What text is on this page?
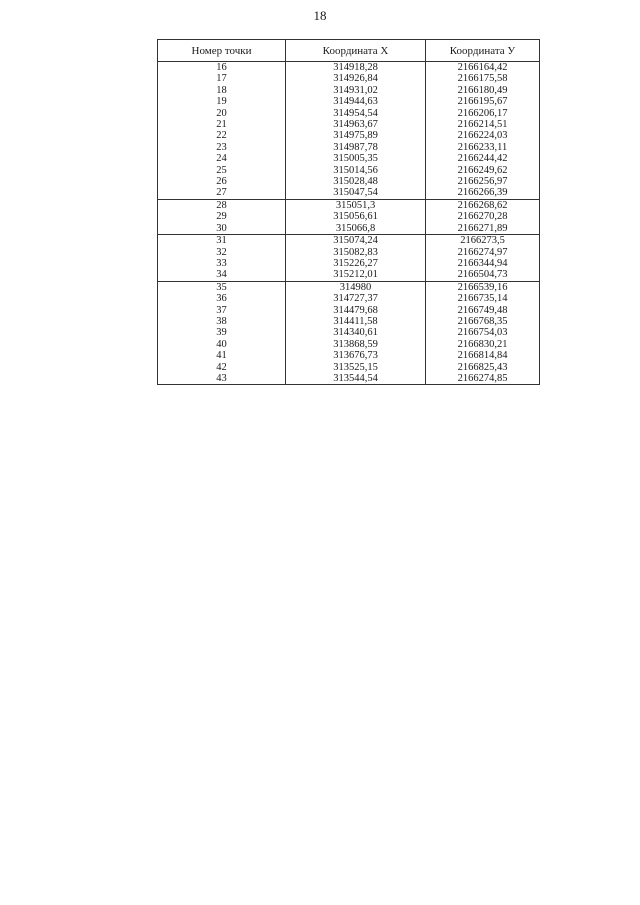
18
Номер точки	Координата Х	Координата У
16	314918,28	2166164,42
17	314926,84	2166175,58
18	314931,02	2166180,49
19	314944,63	2166195,67
20	314954,54	2166206,17
21	314963,67	2166214,51
22	314975,89	2166224,03
23	314987,78	2166233,11
24	315005,35	2166244,42
25	315014,56	2166249,62
26	315028,48	2166256,97
27	315047,54	2166266,39
28	315051,3	2166268,62
29	315056,61	2166270,28
30	315066,8	2166271,89
31	315074,24	2166273,5
32	315082,83	2166274,97
33	315226,27	2166344,94
34	315212,01	2166504,73
35	314980	2166539,16
36	314727,37	2166735,14
37	314479,68	2166749,48
38	314411,58	2166768,35
39	314340,61	2166754,03
40	313868,59	2166830,21
41	313676,73	2166814,84
42	313525,15	2166825,43
43	313544,54	2166274,85
